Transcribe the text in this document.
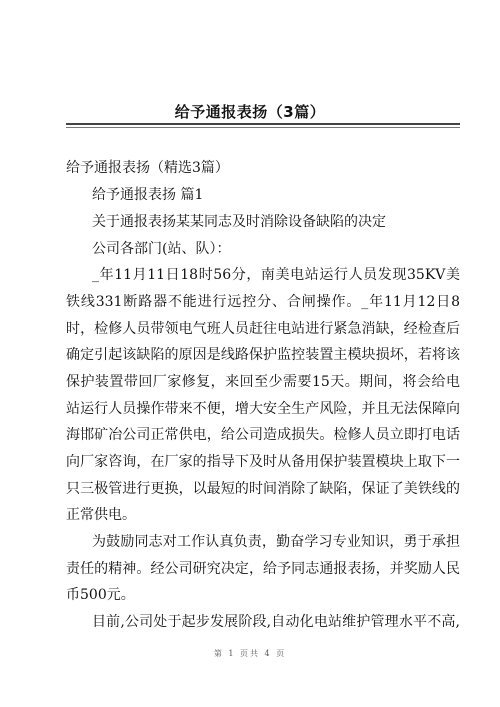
给予通报表扬（3篇）
给予通报表扬（精选3篇）
给予通报表扬 篇1
关于通报表扬某某同志及时消除设备缺陷的决定
公司各部门(站、队）：
_年11月11日18时56分，南美电站运行人员发现35KV美
铁线331断路器不能进行远控分、合闸操作。_年11月12日8
时，检修人员带领电气班人员赶往电站进行紧急消缺，经检查后
确定引起该缺陷的原因是线路保护监控装置主模块损坏，若将该
保护装置带回厂家修复，来回至少需要15天。期间，将会给电
站运行人员操作带来不便，增大安全生产风险，并且无法保障向
海邯矿冶公司正常供电，给公司造成损失。检修人员立即打电话
向厂家咨询，在厂家的指导下及时从备用保护装置模块上取下一
只三极管进行更换，以最短的时间消除了缺陷，保证了美铁线的
正常供电。
为鼓励同志对工作认真负责，勤奋学习专业知识，勇于承担
责任的精神。经公司研究决定，给予同志通报表扬，并奖励人民
币500元。
目前,公司处于起步发展阶段,自动化电站维护管理水平不高,
第 1 页共 4 页
